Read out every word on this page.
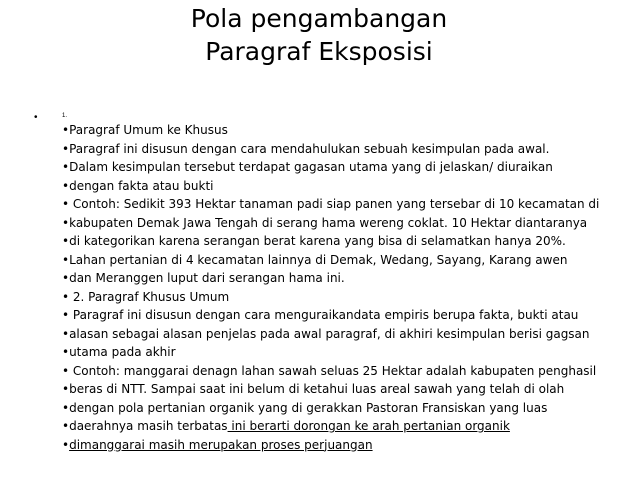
Pola pengambangan
Paragraf Eksposisi
•	1.
•Paragraf Umum ke Khusus
•Paragraf ini disusun dengan cara mendahulukan sebuah kesimpulan pada awal.
•Dalam kesimpulan tersebut terdapat gagasan utama yang di jelaskan/ diuraikan
•dengan fakta atau bukti
• Contoh: Sedikit 393 Hektar tanaman padi siap panen yang tersebar di 10 kecamatan di
•kabupaten Demak Jawa Tengah di serang hama wereng coklat. 10 Hektar diantaranya
•di kategorikan karena serangan berat karena yang bisa di selamatkan hanya 20%.
•Lahan pertanian di 4 kecamatan lainnya di Demak, Wedang, Sayang, Karang awen
•dan Meranggen luput dari serangan hama ini.
• 2. Paragraf Khusus Umum
• Paragraf ini disusun dengan cara menguraikandata empiris berupa fakta, bukti atau
•alasan sebagai alasan penjelas pada awal paragraf, di akhiri kesimpulan berisi gagsan
•utama pada akhir
• Contoh: manggarai denagn lahan sawah seluas 25 Hektar adalah kabupaten penghasil
•beras di NTT. Sampai saat ini belum di ketahui luas areal sawah yang telah di olah
•dengan pola pertanian organik yang di gerakkan Pastoran Fransiskan yang luas
•daerahnya masih terbatas ini berarti dorongan ke arah pertanian organik
•dimanggarai masih merupakan proses perjuangan
